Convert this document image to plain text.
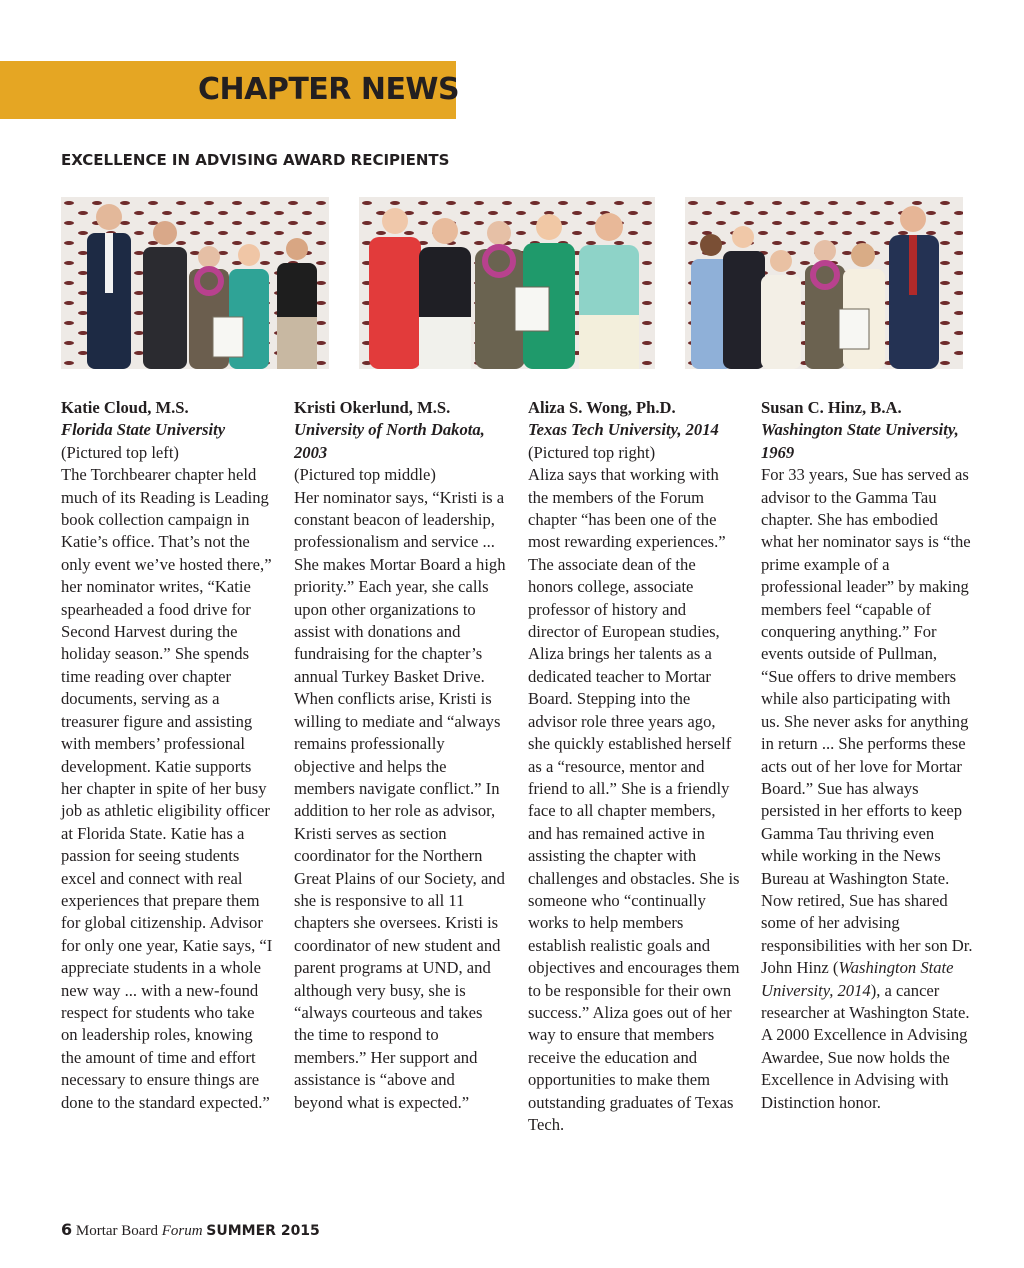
CHAPTER NEWS
EXCELLENCE IN ADVISING AWARD RECIPIENTS

Katie Cloud, M.S.

Florida State University

(Pictured top left)

The Torchbearer chapter held much of its Reading is Leading book collection campaign in Katie’s office. That’s not the only event we’ve hosted there,” her nominator writes, “Katie spearheaded a food drive for Second Harvest during the holiday season.” She spends time reading over chapter documents, serving as a treasurer figure and assisting with members’ professional development. Katie supports her chapter in spite of her busy job as athletic eligibility officer at Florida State. Katie has a passion for seeing students excel and connect with real experiences that prepare them for global citizenship. Advisor for only one year, Katie says, “I appreciate students in a whole new way ... with a new-found respect for students who take on leadership roles, knowing the amount of time and effort necessary to ensure things are done to the standard expected.”

Kristi Okerlund, M.S.

University of North Dakota, 2003

(Pictured top middle)

Her nominator says, “Kristi is a constant beacon of leadership, professionalism and service ... She makes Mortar Board a high priority.” Each year, she calls upon other organizations to assist with donations and fundraising for the chapter’s annual Turkey Basket Drive. When conflicts arise, Kristi is willing to mediate and “always remains professionally objective and helps the members navigate conflict.” In addition to her role as advisor, Kristi serves as section coordinator for the Northern Great Plains of our Society, and she is responsive to all 11 chapters she oversees. Kristi is coordinator of new student and parent programs at UND, and although very busy, she is “always courteous and takes the time to respond to members.” Her support and assistance is “above and beyond what is expected.”

Aliza S. Wong, Ph.D.

Texas Tech University, 2014

(Pictured top right)

Aliza says that working with the members of the Forum chapter “has been one of the most rewarding experiences.” The associate dean of the honors college, associate professor of history and director of European studies, Aliza brings her talents as a dedicated teacher to Mortar Board. Stepping into the advisor role three years ago, she quickly established herself as a “resource, mentor and friend to all.” She is a friendly face to all chapter members, and has remained active in assisting the chapter with challenges and obstacles. She is someone who “continually works to help members establish realistic goals and objectives and encourages them to be responsible for their own success.” Aliza goes out of her way to ensure that members receive the education and opportunities to make them outstanding graduates of Texas Tech.

Susan C. Hinz, B.A.

Washington State University, 1969

For 33 years, Sue has served as advisor to the Gamma Tau chapter. She has embodied what her nominator says is “the prime example of a professional leader” by making members feel “capable of conquering anything.” For events outside of Pullman, “Sue offers to drive members while also participating with us. She never asks for anything in return ... She performs these acts out of her love for Mortar Board.” Sue has always persisted in her efforts to keep Gamma Tau thriving even while working in the News Bureau at Washington State. Now retired, Sue has shared some of her advising responsibilities with her son Dr. John Hinz (Washington State University, 2014), a cancer researcher at Washington State. A 2000 Excellence in Advising Awardee, Sue now holds the Excellence in Advising with Distinction honor.

6 Mortar Board Forum SUMMER 2015
